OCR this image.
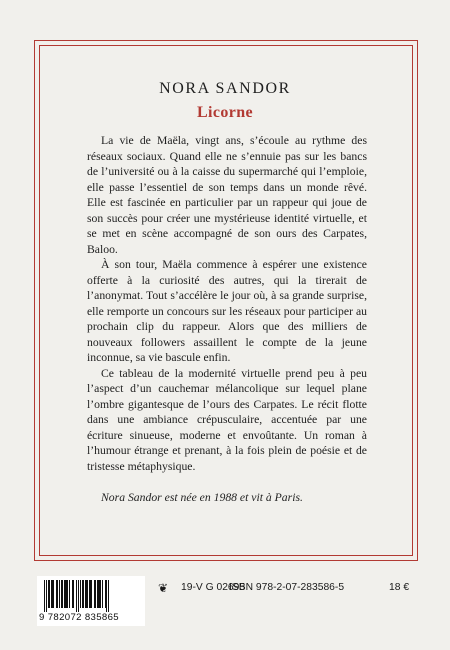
NORA SANDOR
Licorne

La vie de Maëla, vingt ans, s’écoule au rythme des réseaux sociaux. Quand elle ne s’ennuie pas sur les bancs de l’université ou à la caisse du supermarché qui l’emploie, elle passe l’essentiel de son temps dans un monde rêvé. Elle est fascinée en particulier par un rappeur qui joue de son succès pour créer une mystérieuse identité virtuelle, et se met en scène accompagné de son ours des Carpates, Baloo.

À son tour, Maëla commence à espérer une existence offerte à la curiosité des autres, qui la tirerait de l’anonymat. Tout s’accélère le jour où, à sa grande surprise, elle remporte un concours sur les réseaux pour participer au prochain clip du rappeur. Alors que des milliers de nouveaux followers assaillent le compte de la jeune inconnue, sa vie bascule enfin.

Ce tableau de la modernité virtuelle prend peu à peu l’aspect d’un cauchemar mélancolique sur lequel plane l’ombre gigantesque de l’ours des Carpates. Le récit flotte dans une ambiance crépusculaire, accentuée par une écriture sinueuse, moderne et envoûtante. Un roman à l’humour étrange et prenant, à la fois plein de poésie et de tristesse métaphysique.

Nora Sandor est née en 1988 et vit à Paris.

9 782072 835865
❦ 19-V G 02695
ISBN 978-2-07-283586-5	18 €
